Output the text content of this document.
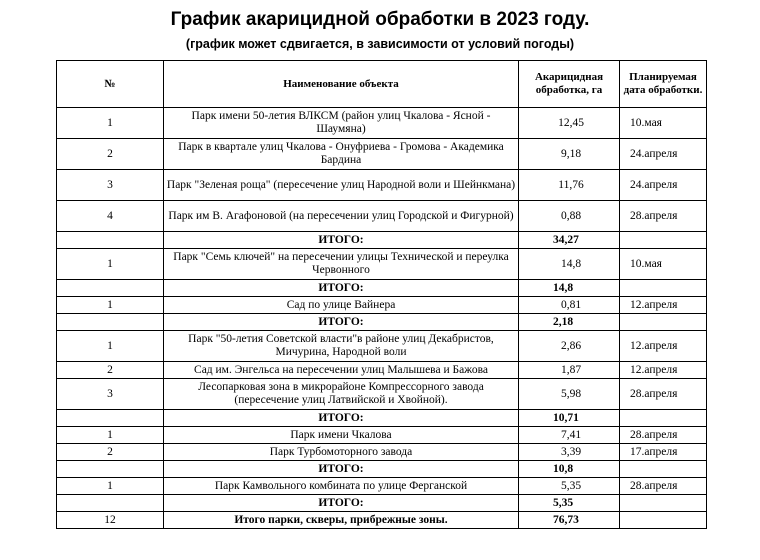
График акарицидной обработки в 2023 году.

(график может сдвигается, в зависимости от условий погоды)

№	Наименование объекта	Акарицидная обработка, га	Планируемая дата обработки.
1	Парк имени 50-летия ВЛКСМ (район улиц Чкалова - Ясной - Шаумяна)	12,45	10.мая
2	Парк в квартале улиц Чкалова - Онуфриева - Громова - Академика Бардина	9,18	24.апреля
3	Парк "Зеленая роща" (пересечение улиц Народной воли и Шейнкмана)	11,76	24.апреля
4	Парк им В. Агафоновой (на пересечении улиц Городской и Фигурной)	0,88	28.апреля
	ИТОГО:	34,27	
1	Парк "Семь ключей" на пересечении улицы Технической и переулка Червонного	14,8	10.мая
	ИТОГО:	14,8	
1	Сад по улице Вайнера	0,81	12.апреля
	ИТОГО:	2,18	
1	Парк "50-летия Советской власти"в районе улиц Декабристов, Мичурина, Народной воли	2,86	12.апреля
2	Сад им. Энгельса на пересечении улиц Малышева и Бажова	1,87	12.апреля
3	Лесопарковая зона в микрорайоне Компрессорного завода (пересечение улиц Латвийской и Хвойной).	5,98	28.апреля
	ИТОГО:	10,71	
1	Парк имени Чкалова	7,41	28.апреля
2	Парк Турбомоторного завода	3,39	17.апреля
	ИТОГО:	10,8	
1	Парк Камвольного комбината по улице Ферганской	5,35	28.апреля
	ИТОГО:	5,35	
12	Итого парки, скверы, прибрежные зоны.	76,73	
